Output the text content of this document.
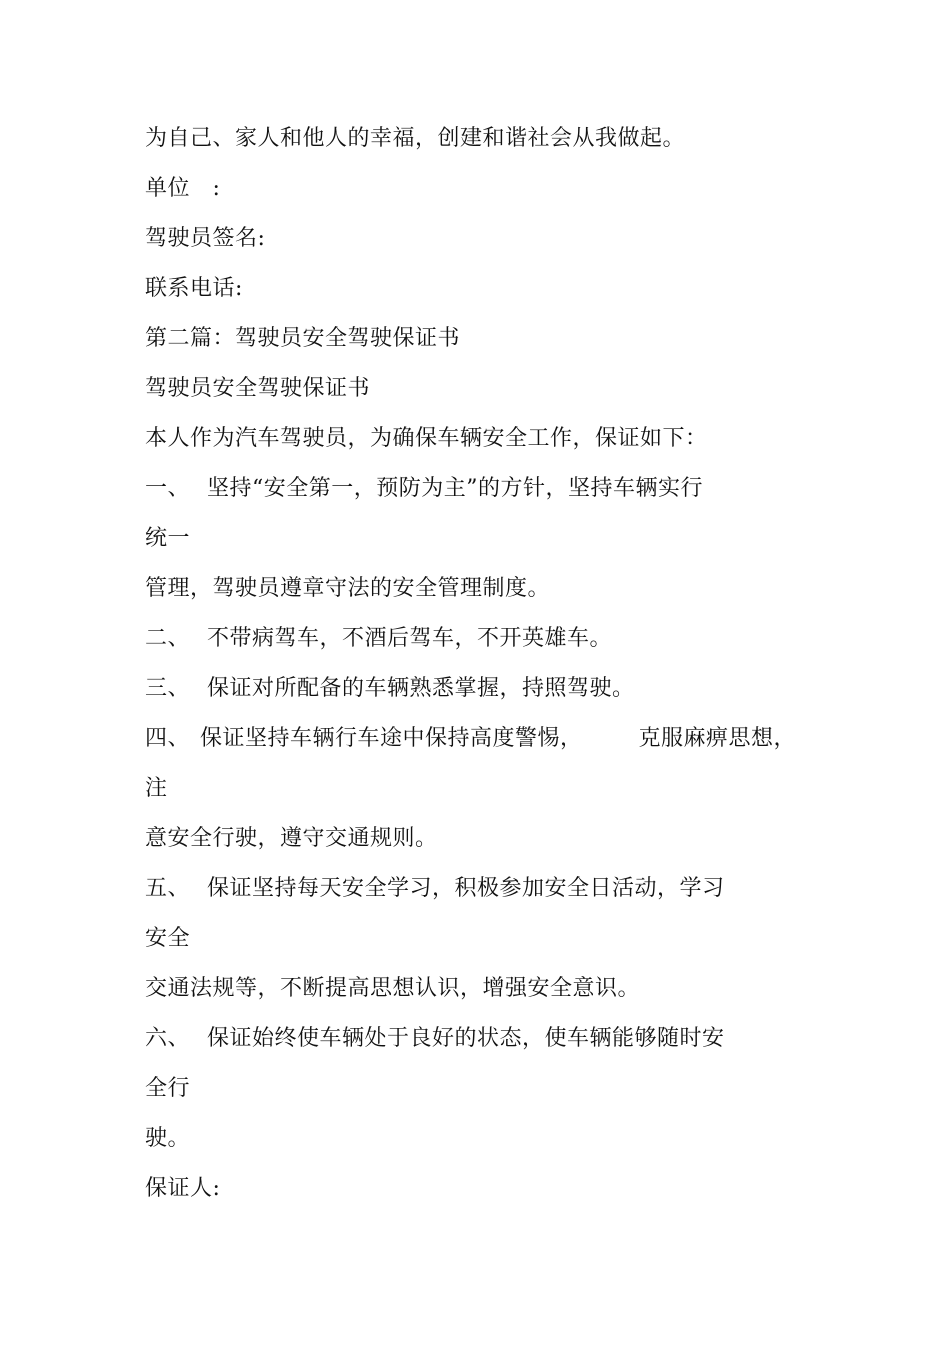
为自己、家人和他人的幸福，创建和谐社会从我做起。
单位　:
驾驶员签名:
联系电话:
第二篇：驾驶员安全驾驶保证书
驾驶员安全驾驶保证书
本人作为汽车驾驶员，为确保车辆安全工作，保证如下：
一、 坚持“安全第一，预防为主”的方针，坚持车辆实行
统一
管理，驾驶员遵章守法的安全管理制度。
二、 不带病驾车，不酒后驾车，不开英雄车。
三、 保证对所配备的车辆熟悉掌握，持照驾驶。
四、 保证坚持车辆行车途中保持高度警惕，	克服麻痹思想，
注
意安全行驶，遵守交通规则。
五、 保证坚持每天安全学习，积极参加安全日活动，学习
安全
交通法规等，不断提高思想认识，增强安全意识。
六、 保证始终使车辆处于良好的状态，使车辆能够随时安
全行
驶。
保证人:
